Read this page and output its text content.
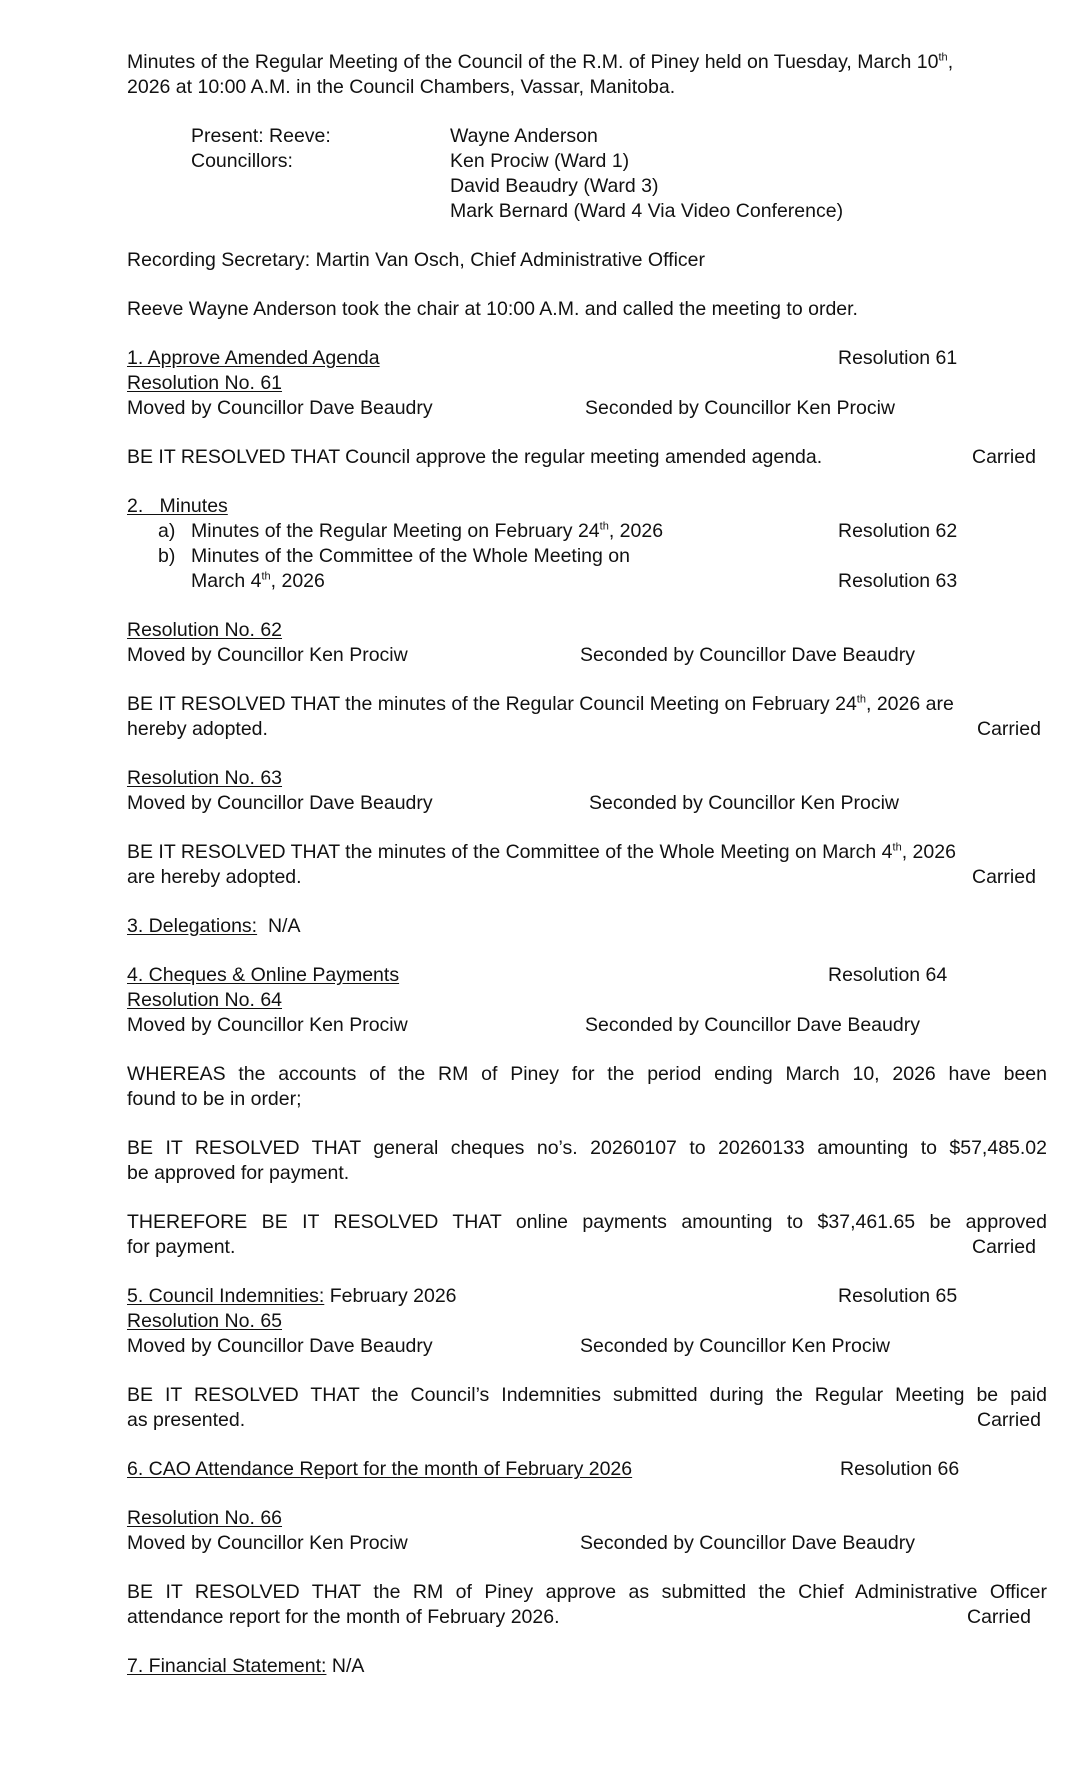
Minutes of the Regular Meeting of the Council of the R.M. of Piney held on Tuesday, March 10th,
2026 at 10:00 A.M. in the Council Chambers, Vassar, Manitoba.
Present: Reeve:	Wayne Anderson
Councillors:	Ken Prociw (Ward 1)
David Beaudry (Ward 3)
Mark Bernard (Ward 4 Via Video Conference)
Recording Secretary: Martin Van Osch, Chief Administrative Officer
Reeve Wayne Anderson took the chair at 10:00 A.M. and called the meeting to order.
1. Approve Amended Agenda	Resolution 61
Resolution No. 61
Moved by Councillor Dave Beaudry	Seconded by Councillor Ken Prociw
BE IT RESOLVED THAT Council approve the regular meeting amended agenda.	Carried
2.   Minutes
a) Minutes of the Regular Meeting on February 24th, 2026	Resolution 62
b) Minutes of the Committee of the Whole Meeting on
March 4th, 2026	Resolution 63
Resolution No. 62
Moved by Councillor Ken Prociw	Seconded by Councillor Dave Beaudry
BE IT RESOLVED THAT the minutes of the Regular Council Meeting on February 24th, 2026 are
hereby adopted.	Carried
Resolution No. 63
Moved by Councillor Dave Beaudry	Seconded by Councillor Ken Prociw
BE IT RESOLVED THAT the minutes of the Committee of the Whole Meeting on March 4th, 2026
are hereby adopted.	Carried
3. Delegations: N/A
4. Cheques & Online Payments	Resolution 64
Resolution No. 64
Moved by Councillor Ken Prociw	Seconded by Councillor Dave Beaudry
WHEREAS the accounts of the RM of Piney for the period ending March 10, 2026 have been
found to be in order;
BE IT RESOLVED THAT general cheques no’s. 20260107 to 20260133 amounting to $57,485.02
be approved for payment.
THEREFORE BE IT RESOLVED THAT online payments amounting to $37,461.65 be approved
for payment.	Carried
5. Council Indemnities: February 2026	Resolution 65
Resolution No. 65
Moved by Councillor Dave Beaudry	Seconded by Councillor Ken Prociw
BE IT RESOLVED THAT the Council’s Indemnities submitted during the Regular Meeting be paid
as presented.	Carried
6. CAO Attendance Report for the month of February 2026	Resolution 66
Resolution No. 66
Moved by Councillor Ken Prociw	Seconded by Councillor Dave Beaudry
BE IT RESOLVED THAT the RM of Piney approve as submitted the Chief Administrative Officer
attendance report for the month of February 2026.	Carried
7. Financial Statement: N/A
